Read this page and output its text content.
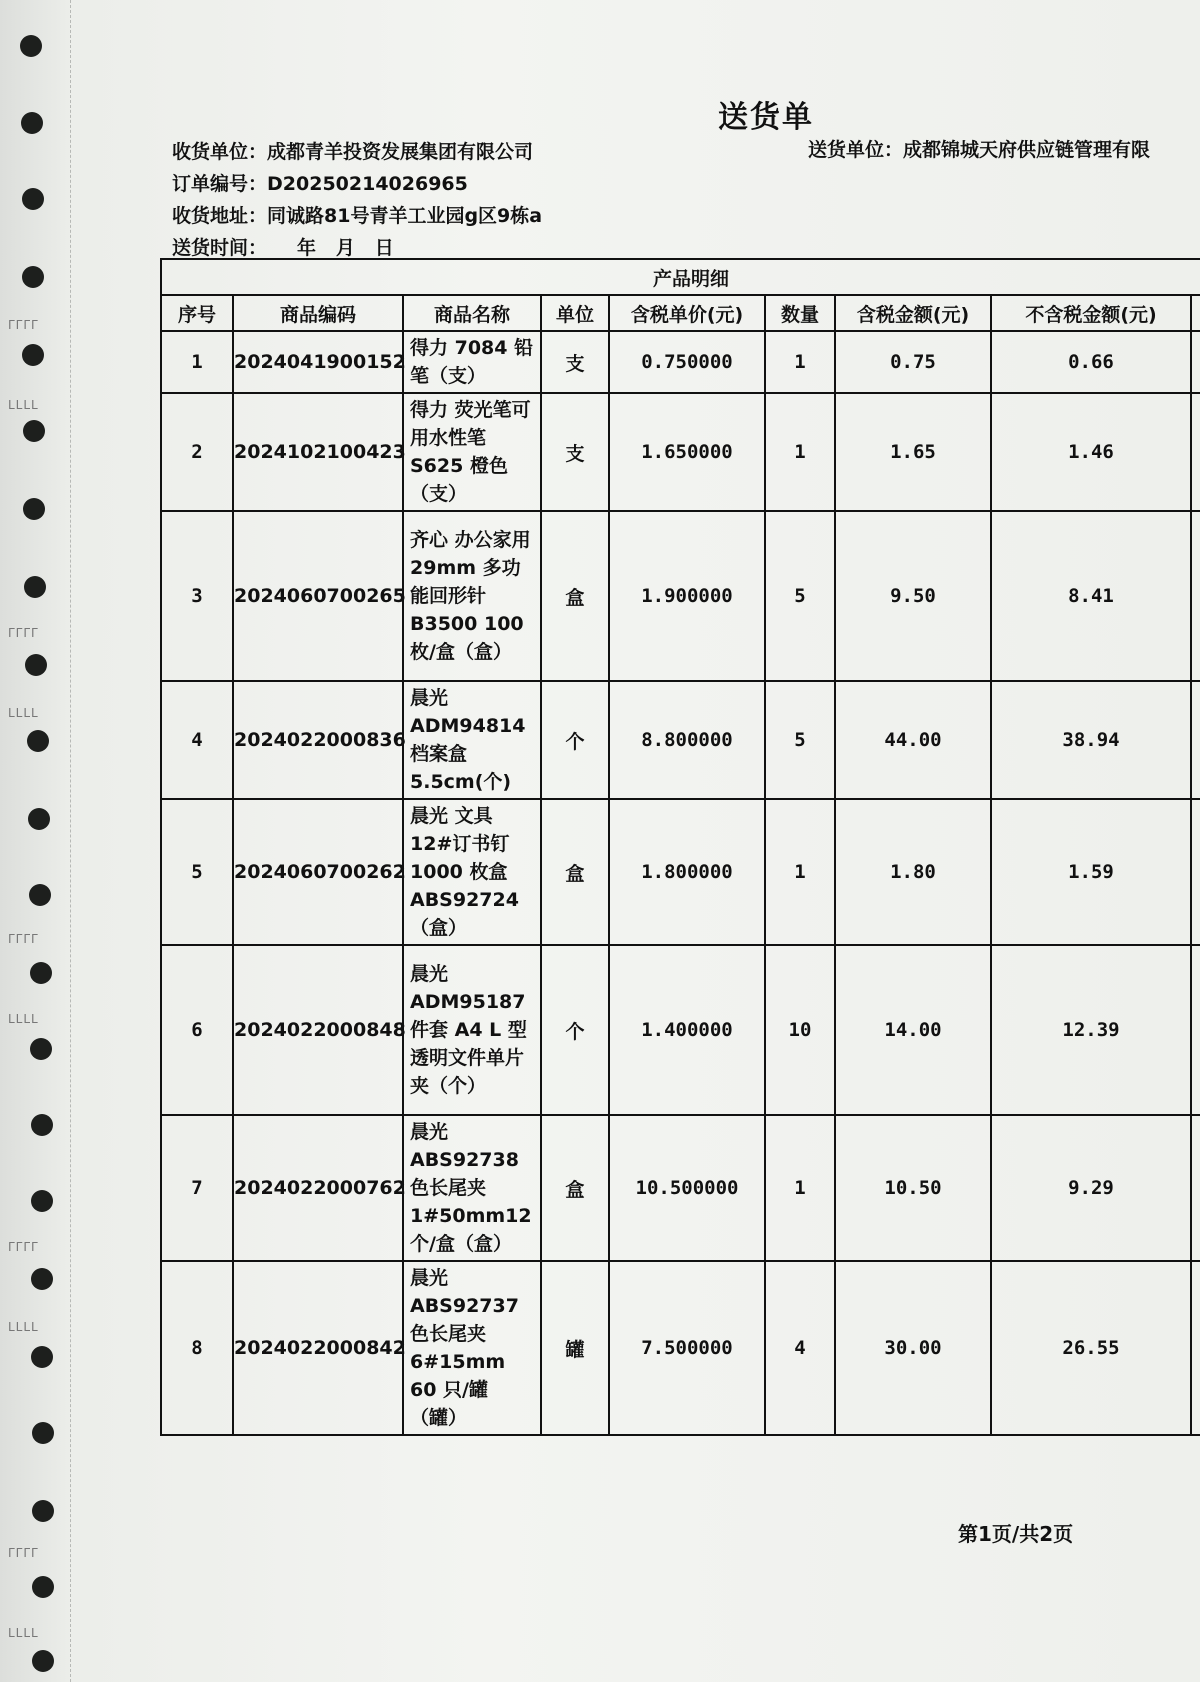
ᒥᒥᒥᒥ
ᒪᒪᒪᒪ
ᒥᒥᒥᒥ
ᒪᒪᒪᒪ
ᒥᒥᒥᒥ
ᒪᒪᒪᒪ
ᒥᒥᒥᒥ
ᒪᒪᒪᒪ
ᒥᒥᒥᒥ
ᒪᒪᒪᒪ
送货单
收货单位：成都青羊投资发展集团有限公司	送货单位：成都锦城天府供应链管理有限
订单编号：D20250214026965
收货地址：同诚路81号青羊工业园g区9栋a
送货时间： 年   月   日
产品明细								
序号	商品编码	商品名称	单位	含税单价(元)	数量	含税金额(元)	不含税金额(元)	
1	2024041900152	得力 7084 铅笔（支）	支	0.750000	1	0.75	0.66	
2	2024102100423	得力 荧光笔可用水性笔 S625 橙色（支）	支	1.650000	1	1.65	1.46	
3	2024060700265	齐心 办公家用 29mm 多功能回形针 B3500 100 枚/盒（盒）	盒	1.900000	5	9.50	8.41	
4	2024022000836	晨光 ADM94814 档案盒 5.5cm(个)	个	8.800000	5	44.00	38.94	
5	2024060700262	晨光 文具 12#订书钉 1000 枚盒 ABS92724（盒）	盒	1.800000	1	1.80	1.59	
6	2024022000848	晨光 ADM95187 件套 A4 L 型透明文件单片夹（个）	个	1.400000	10	14.00	12.39	
7	2024022000762	晨光 ABS92738 色长尾夹 1#50mm12个/盒（盒）	盒	10.500000	1	10.50	9.29	
8	2024022000842	晨光 ABS92737 色长尾夹 6#15mm 60 只/罐（罐）	罐	7.500000	4	30.00	26.55	
第1页/共2页
